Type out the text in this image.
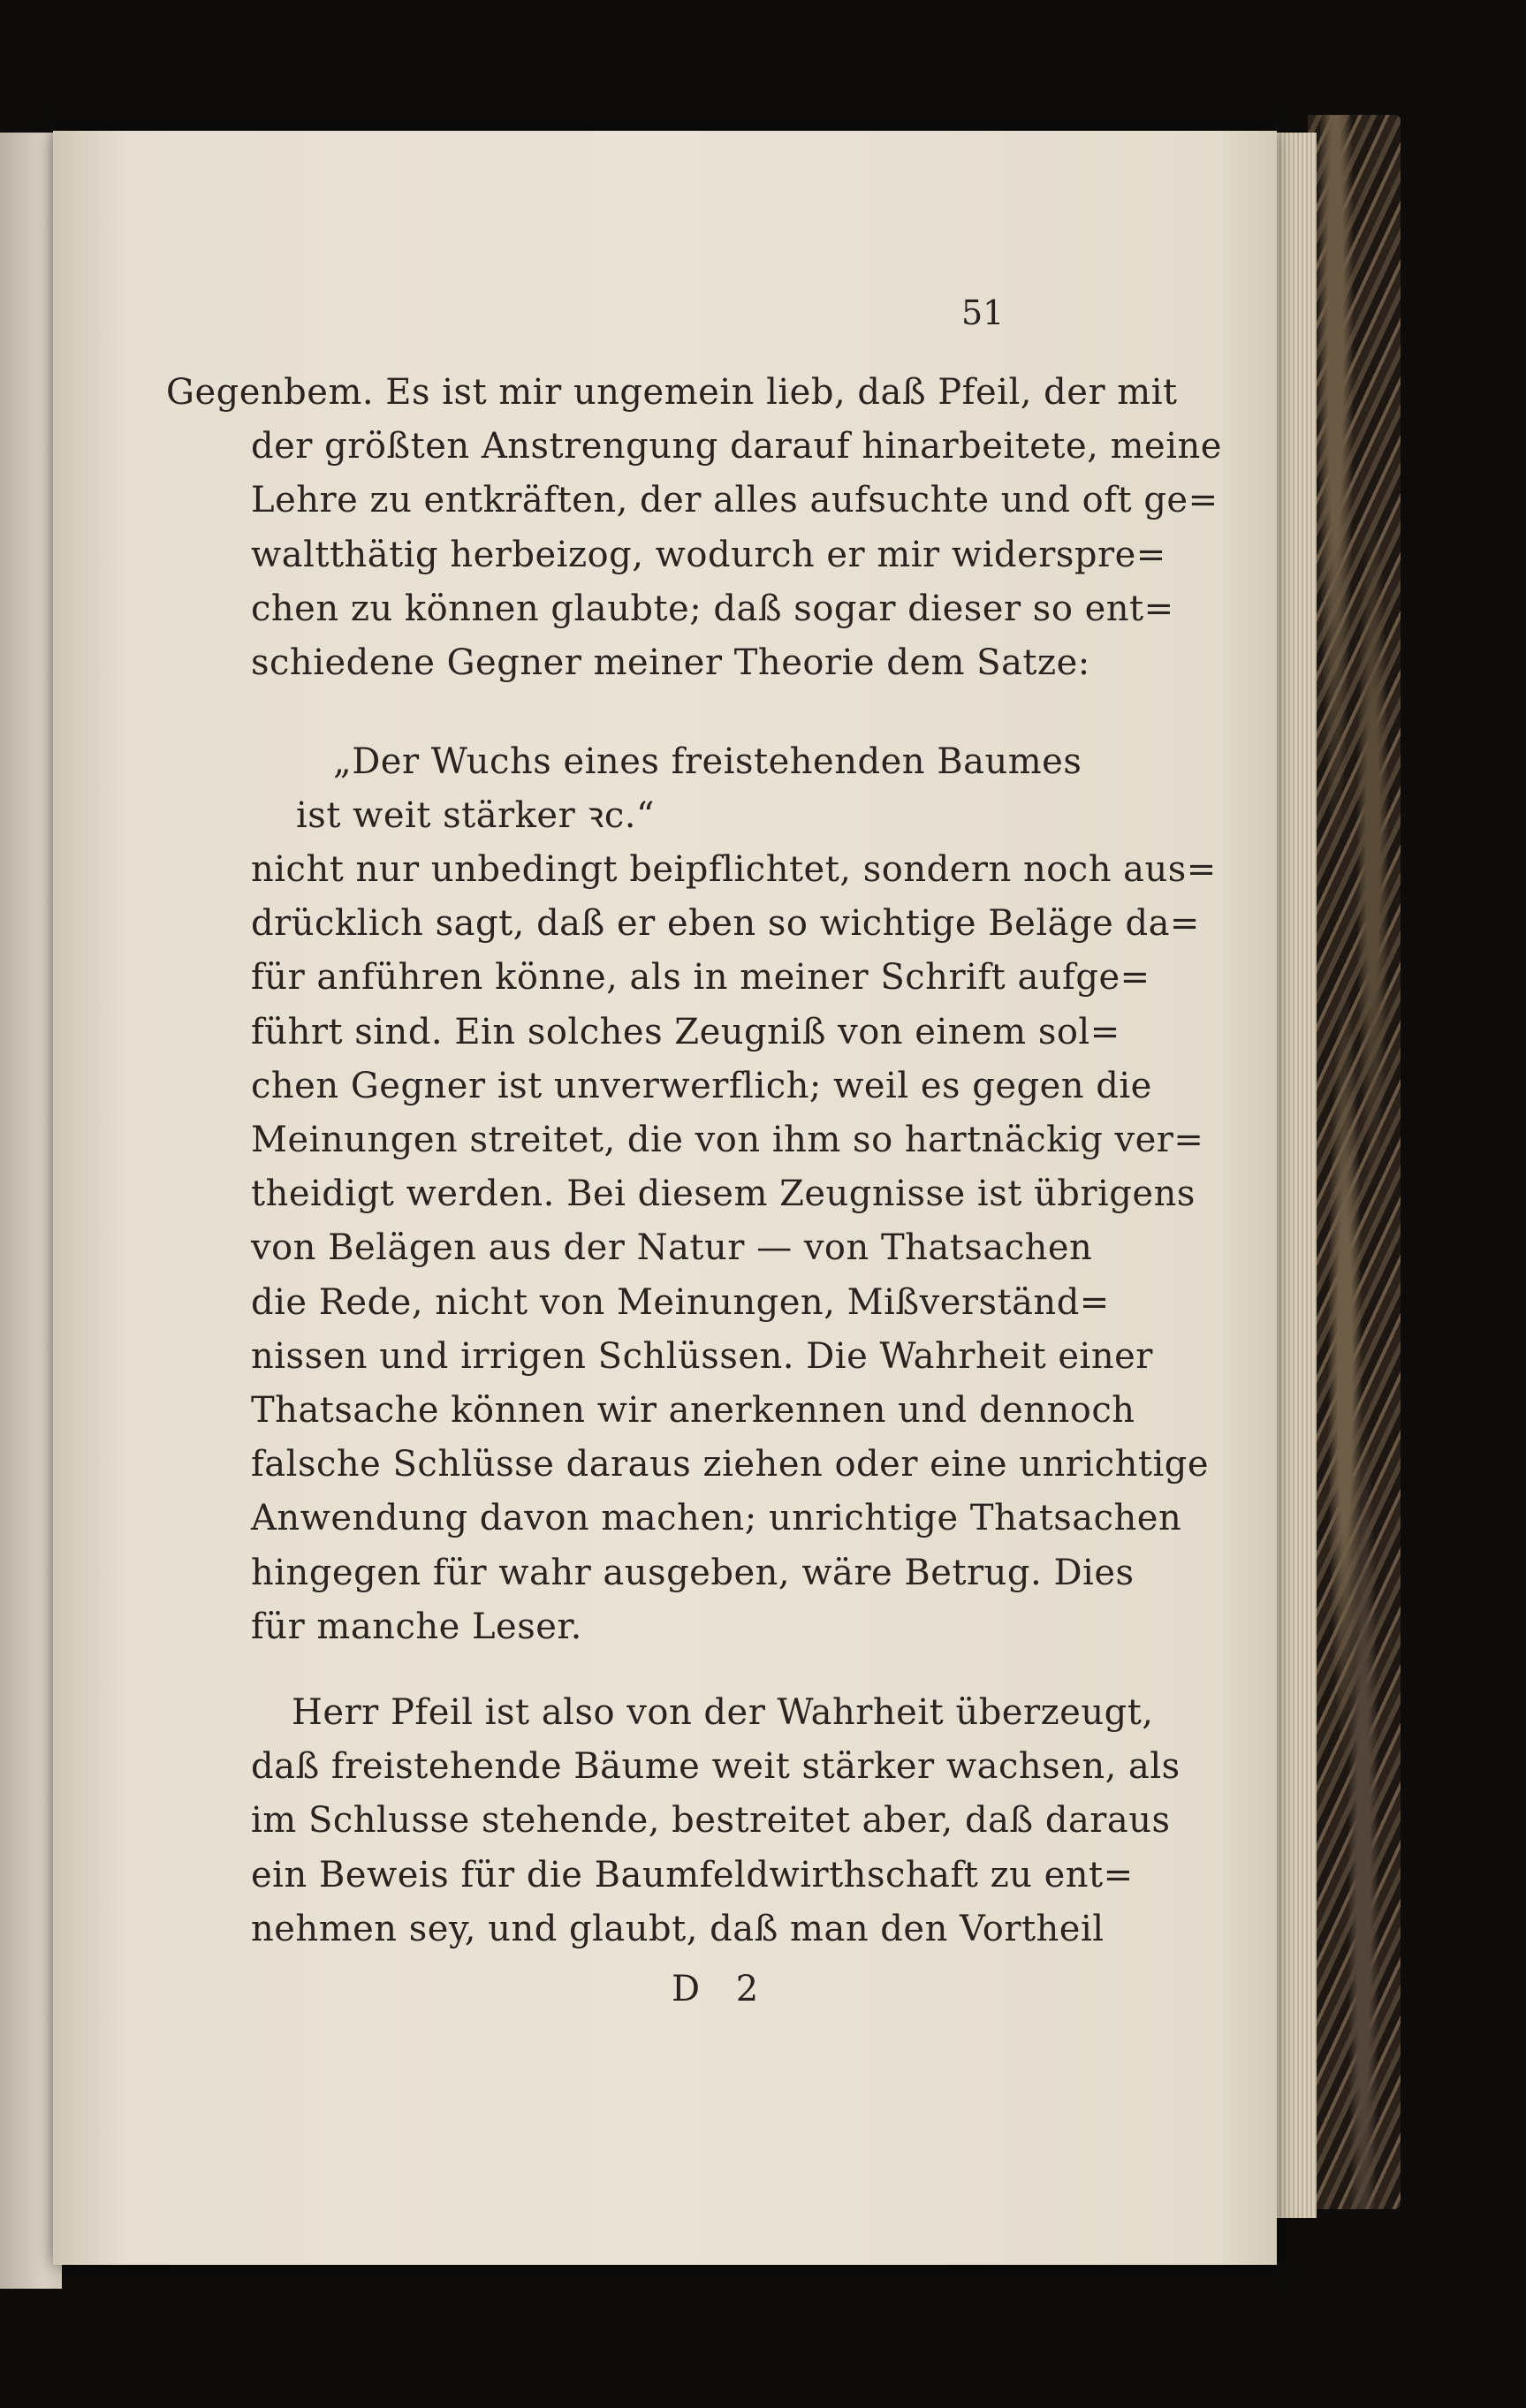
51
Gegenbem. Es ist mir ungemein lieb, daß Pfeil, der mit
der größten Anstrengung darauf hinarbeitete, meine
Lehre zu entkräften, der alles aufsuchte und oft ge=
waltthätig herbeizog, wodurch er mir widerspre=
chen zu können glaubte; daß sogar dieser so ent=
schiedene Gegner meiner Theorie dem Satze:
„Der Wuchs eines freistehenden Baumes
ist weit stärker ꝛc.“
nicht nur unbedingt beipflichtet, sondern noch aus=
drücklich sagt, daß er eben so wichtige Beläge da=
für anführen könne, als in meiner Schrift aufge=
führt sind. Ein solches Zeugniß von einem sol=
chen Gegner ist unverwerflich; weil es gegen die
Meinungen streitet, die von ihm so hartnäckig ver=
theidigt werden. Bei diesem Zeugnisse ist übrigens
von Belägen aus der Natur — von Thatsachen
die Rede, nicht von Meinungen, Mißverständ=
nissen und irrigen Schlüssen. Die Wahrheit einer
Thatsache können wir anerkennen und dennoch
falsche Schlüsse daraus ziehen oder eine unrichtige
Anwendung davon machen; unrichtige Thatsachen
hingegen für wahr ausgeben, wäre Betrug. Dies
für manche Leser.
Herr Pfeil ist also von der Wahrheit überzeugt,
daß freistehende Bäume weit stärker wachsen, als
im Schlusse stehende, bestreitet aber, daß daraus
ein Beweis für die Baumfeldwirthschaft zu ent=
nehmen sey, und glaubt, daß man den Vortheil
D 2
